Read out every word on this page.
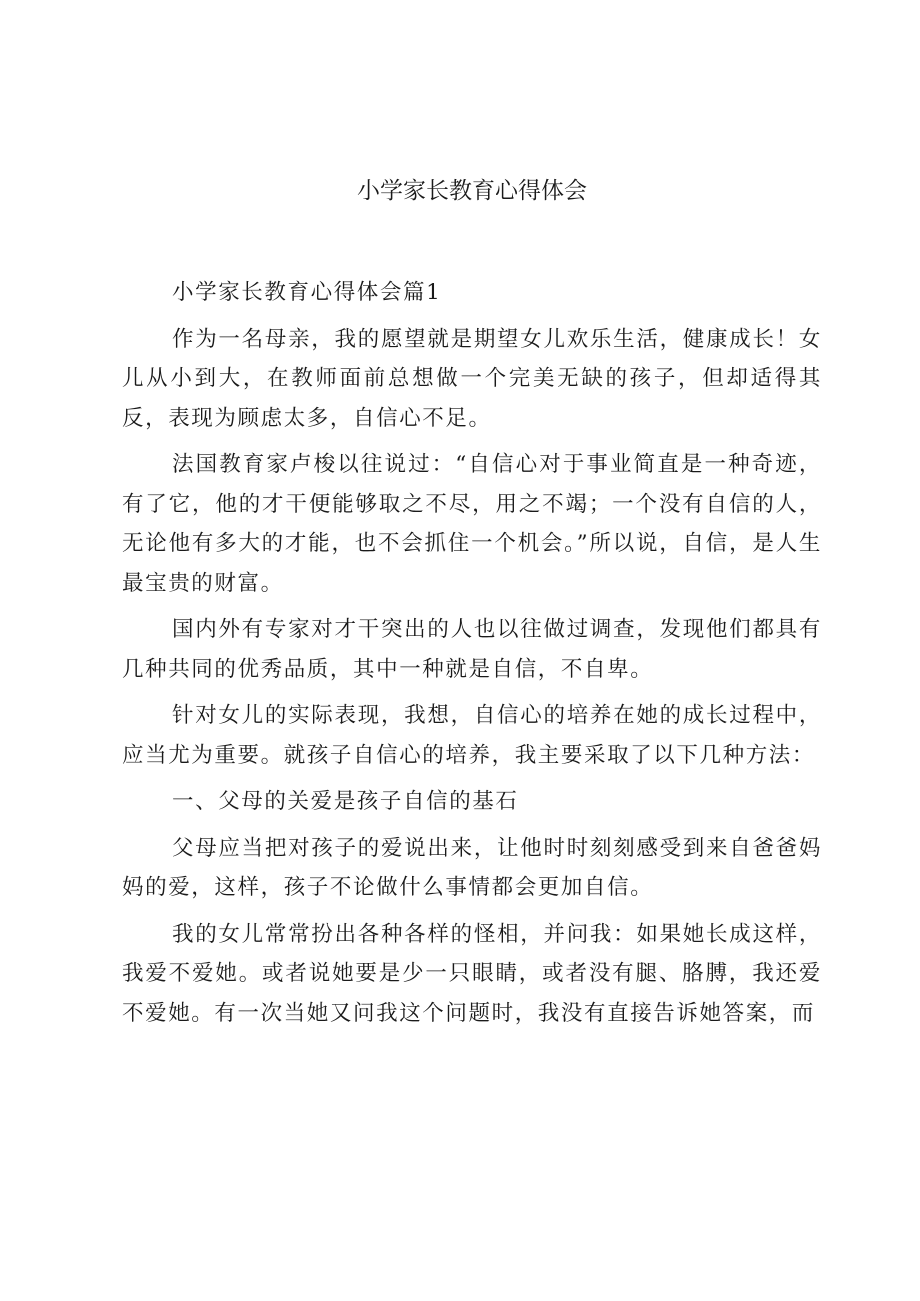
小学家长教育心得体会

小学家长教育心得体会篇1

作为一名母亲，我的愿望就是期望女儿欢乐生活，健康成长！女儿从小到大，在教师面前总想做一个完美无缺的孩子，但却适得其反，表现为顾虑太多，自信心不足。

法国教育家卢梭以往说过：“自信心对于事业简直是一种奇迹，有了它，他的才干便能够取之不尽，用之不竭；一个没有自信的人，无论他有多大的才能，也不会抓住一个机会。”所以说，自信，是人生最宝贵的财富。

国内外有专家对才干突出的人也以往做过调查，发现他们都具有几种共同的优秀品质，其中一种就是自信，不自卑。

针对女儿的实际表现，我想，自信心的培养在她的成长过程中，应当尤为重要。就孩子自信心的培养，我主要采取了以下几种方法：

一、父母的关爱是孩子自信的基石

父母应当把对孩子的爱说出来，让他时时刻刻感受到来自爸爸妈妈的爱，这样，孩子不论做什么事情都会更加自信。

我的女儿常常扮出各种各样的怪相，并问我：如果她长成这样，我爱不爱她。或者说她要是少一只眼睛，或者没有腿、胳膊，我还爱不爱她。有一次当她又问我这个问题时，我没有直接告诉她答案，而
